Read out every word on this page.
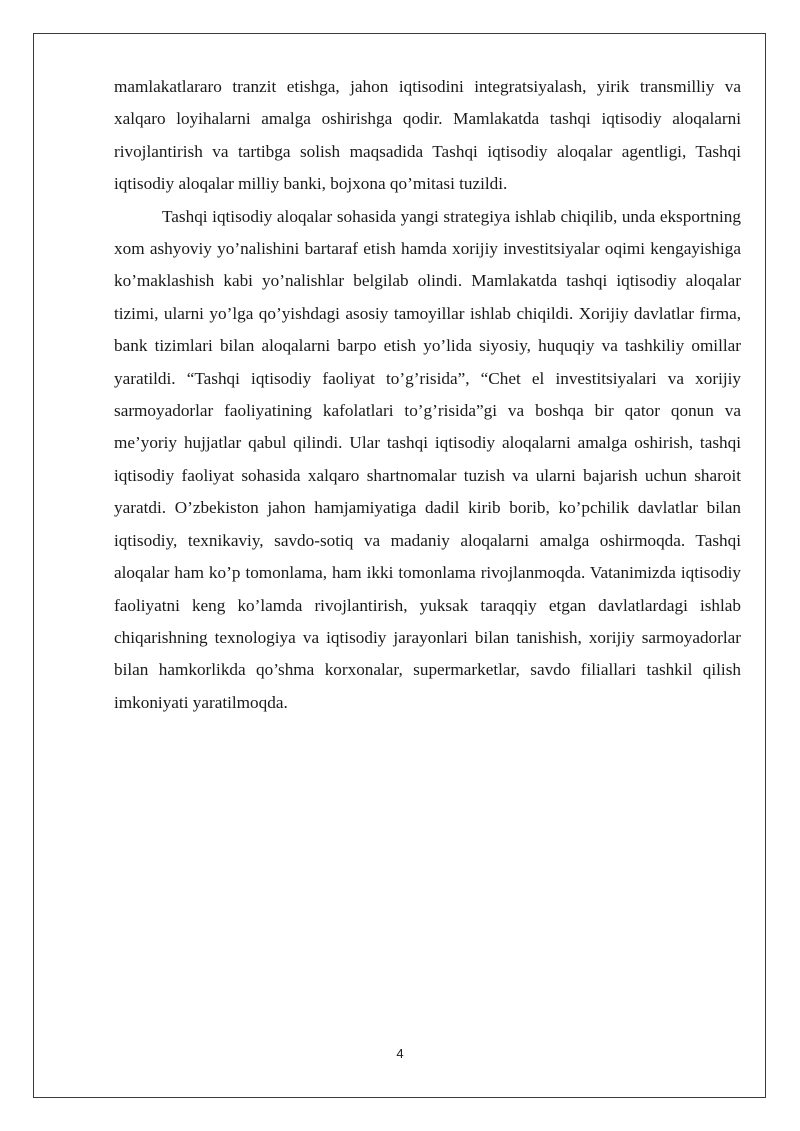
mamlakatlararo tranzit etishga, jahon iqtisodini integratsiyalash, yirik transmilliy va xalqaro loyihalarni amalga oshirishga qodir. Mamlakatda tashqi iqtisodiy aloqalarni rivojlantirish va tartibga solish maqsadida Tashqi iqtisodiy aloqalar agentligi, Tashqi iqtisodiy aloqalar milliy banki, bojxona qo’mitasi tuzildi.

Tashqi iqtisodiy aloqalar sohasida yangi strategiya ishlab chiqilib, unda eksportning xom ashyoviy yo’nalishini bartaraf etish hamda xorijiy investitsiyalar oqimi kengayishiga ko’maklashish kabi yo’nalishlar belgilab olindi. Mamlakatda tashqi iqtisodiy aloqalar tizimi, ularni yo’lga qo’yishdagi asosiy tamoyillar ishlab chiqildi. Xorijiy davlatlar firma, bank tizimlari bilan aloqalarni barpo etish yo’lida siyosiy, huquqiy va tashkiliy omillar yaratildi. “Tashqi iqtisodiy faoliyat to’g’risida”, “Chet el investitsiyalari va xorijiy sarmoyadorlar faoliyatining kafolatlari to’g’risida”gi va boshqa bir qator qonun va me’yoriy hujjatlar qabul qilindi. Ular tashqi iqtisodiy aloqalarni amalga oshirish, tashqi iqtisodiy faoliyat sohasida xalqaro shartnomalar tuzish va ularni bajarish uchun sharoit yaratdi. O’zbekiston jahon hamjamiyatiga dadil kirib borib, ko’pchilik davlatlar bilan iqtisodiy, texnikaviy, savdo-sotiq va madaniy aloqalarni amalga oshirmoqda. Tashqi aloqalar ham ko’p tomonlama, ham ikki tomonlama rivojlanmoqda. Vatanimizda iqtisodiy faoliyatni keng ko’lamda rivojlantirish, yuksak taraqqiy etgan davlatlardagi ishlab chiqarishning texnologiya va iqtisodiy jarayonlari bilan tanishish, xorijiy sarmoyadorlar bilan hamkorlikda qo’shma korxonalar, supermarketlar, savdo filiallari tashkil qilish imkoniyati yaratilmoqda.

4
